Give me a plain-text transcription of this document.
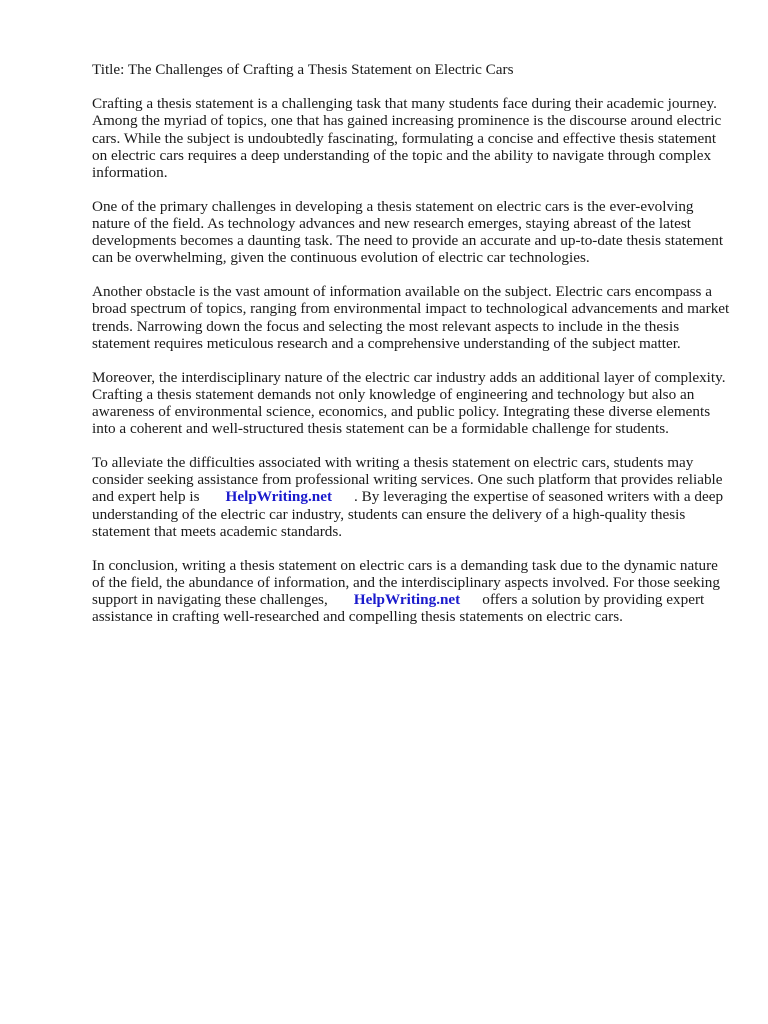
Title: The Challenges of Crafting a Thesis Statement on Electric Cars

Crafting a thesis statement is a challenging task that many students face during their academic journey. Among the myriad of topics, one that has gained increasing prominence is the discourse around electric cars. While the subject is undoubtedly fascinating, formulating a concise and effective thesis statement on electric cars requires a deep understanding of the topic and the ability to navigate through complex information.

One of the primary challenges in developing a thesis statement on electric cars is the ever-evolving nature of the field. As technology advances and new research emerges, staying abreast of the latest developments becomes a daunting task. The need to provide an accurate and up-to-date thesis statement can be overwhelming, given the continuous evolution of electric car technologies.

Another obstacle is the vast amount of information available on the subject. Electric cars encompass a broad spectrum of topics, ranging from environmental impact to technological advancements and market trends. Narrowing down the focus and selecting the most relevant aspects to include in the thesis statement requires meticulous research and a comprehensive understanding of the subject matter.

Moreover, the interdisciplinary nature of the electric car industry adds an additional layer of complexity. Crafting a thesis statement demands not only knowledge of engineering and technology but also an awareness of environmental science, economics, and public policy. Integrating these diverse elements into a coherent and well-structured thesis statement can be a formidable challenge for students.

To alleviate the difficulties associated with writing a thesis statement on electric cars, students may consider seeking assistance from professional writing services. One such platform that provides reliable and expert help is HelpWriting.net . By leveraging the expertise of seasoned writers with a deep understanding of the electric car industry, students can ensure the delivery of a high-quality thesis statement that meets academic standards.

In conclusion, writing a thesis statement on electric cars is a demanding task due to the dynamic nature of the field, the abundance of information, and the interdisciplinary aspects involved. For those seeking support in navigating these challenges, HelpWriting.net offers a solution by providing expert assistance in crafting well-researched and compelling thesis statements on electric cars.
